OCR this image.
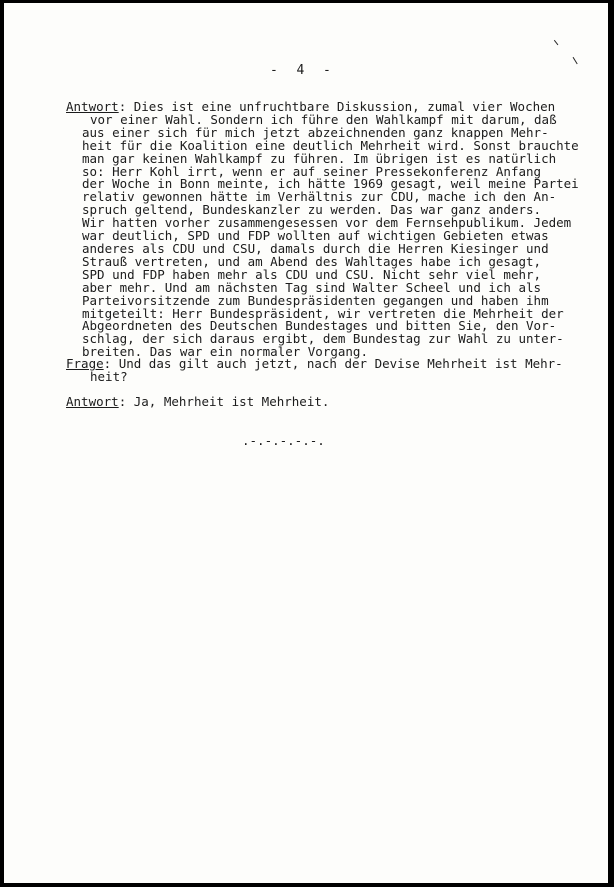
-  4  -
Antwort: Dies ist eine unfruchtbare Diskussion, zumal vier Wochen

vor einer Wahl. Sondern ich führe den Wahlkampf mit darum, daß
aus einer sich für mich jetzt abzeichnenden ganz knappen Mehr-
heit für die Koalition eine deutlich Mehrheit wird. Sonst brauchte
man gar keinen Wahlkampf zu führen. Im übrigen ist es natürlich
so: Herr Kohl irrt, wenn er auf seiner Pressekonferenz Anfang
der Woche in Bonn meinte, ich hätte 1969 gesagt, weil meine Partei
relativ gewonnen hätte im Verhältnis zur CDU, mache ich den An-
spruch geltend, Bundeskanzler zu werden. Das war ganz anders.
Wir hatten vorher zusammengesessen vor dem Fernsehpublikum. Jedem
war deutlich, SPD und FDP wollten auf wichtigen Gebieten etwas
anderes als CDU und CSU, damals durch die Herren Kiesinger und
Strauß vertreten, und am Abend des Wahltages habe ich gesagt,
SPD und FDP haben mehr als CDU und CSU. Nicht sehr viel mehr,
aber mehr. Und am nächsten Tag sind Walter Scheel und ich als
Parteivorsitzende zum Bundespräsidenten gegangen und haben ihm
mitgeteilt: Herr Bundespräsident, wir vertreten die Mehrheit der
Abgeordneten des Deutschen Bundestages und bitten Sie, den Vor-
schlag, der sich daraus ergibt, dem Bundestag zur Wahl zu unter-
breiten. Das war ein normaler Vorgang.
Frage: Und das gilt auch jetzt, nach der Devise Mehrheit ist Mehr-

heit?
Antwort: Ja, Mehrheit ist Mehrheit.
.-.-.-.-.-.
